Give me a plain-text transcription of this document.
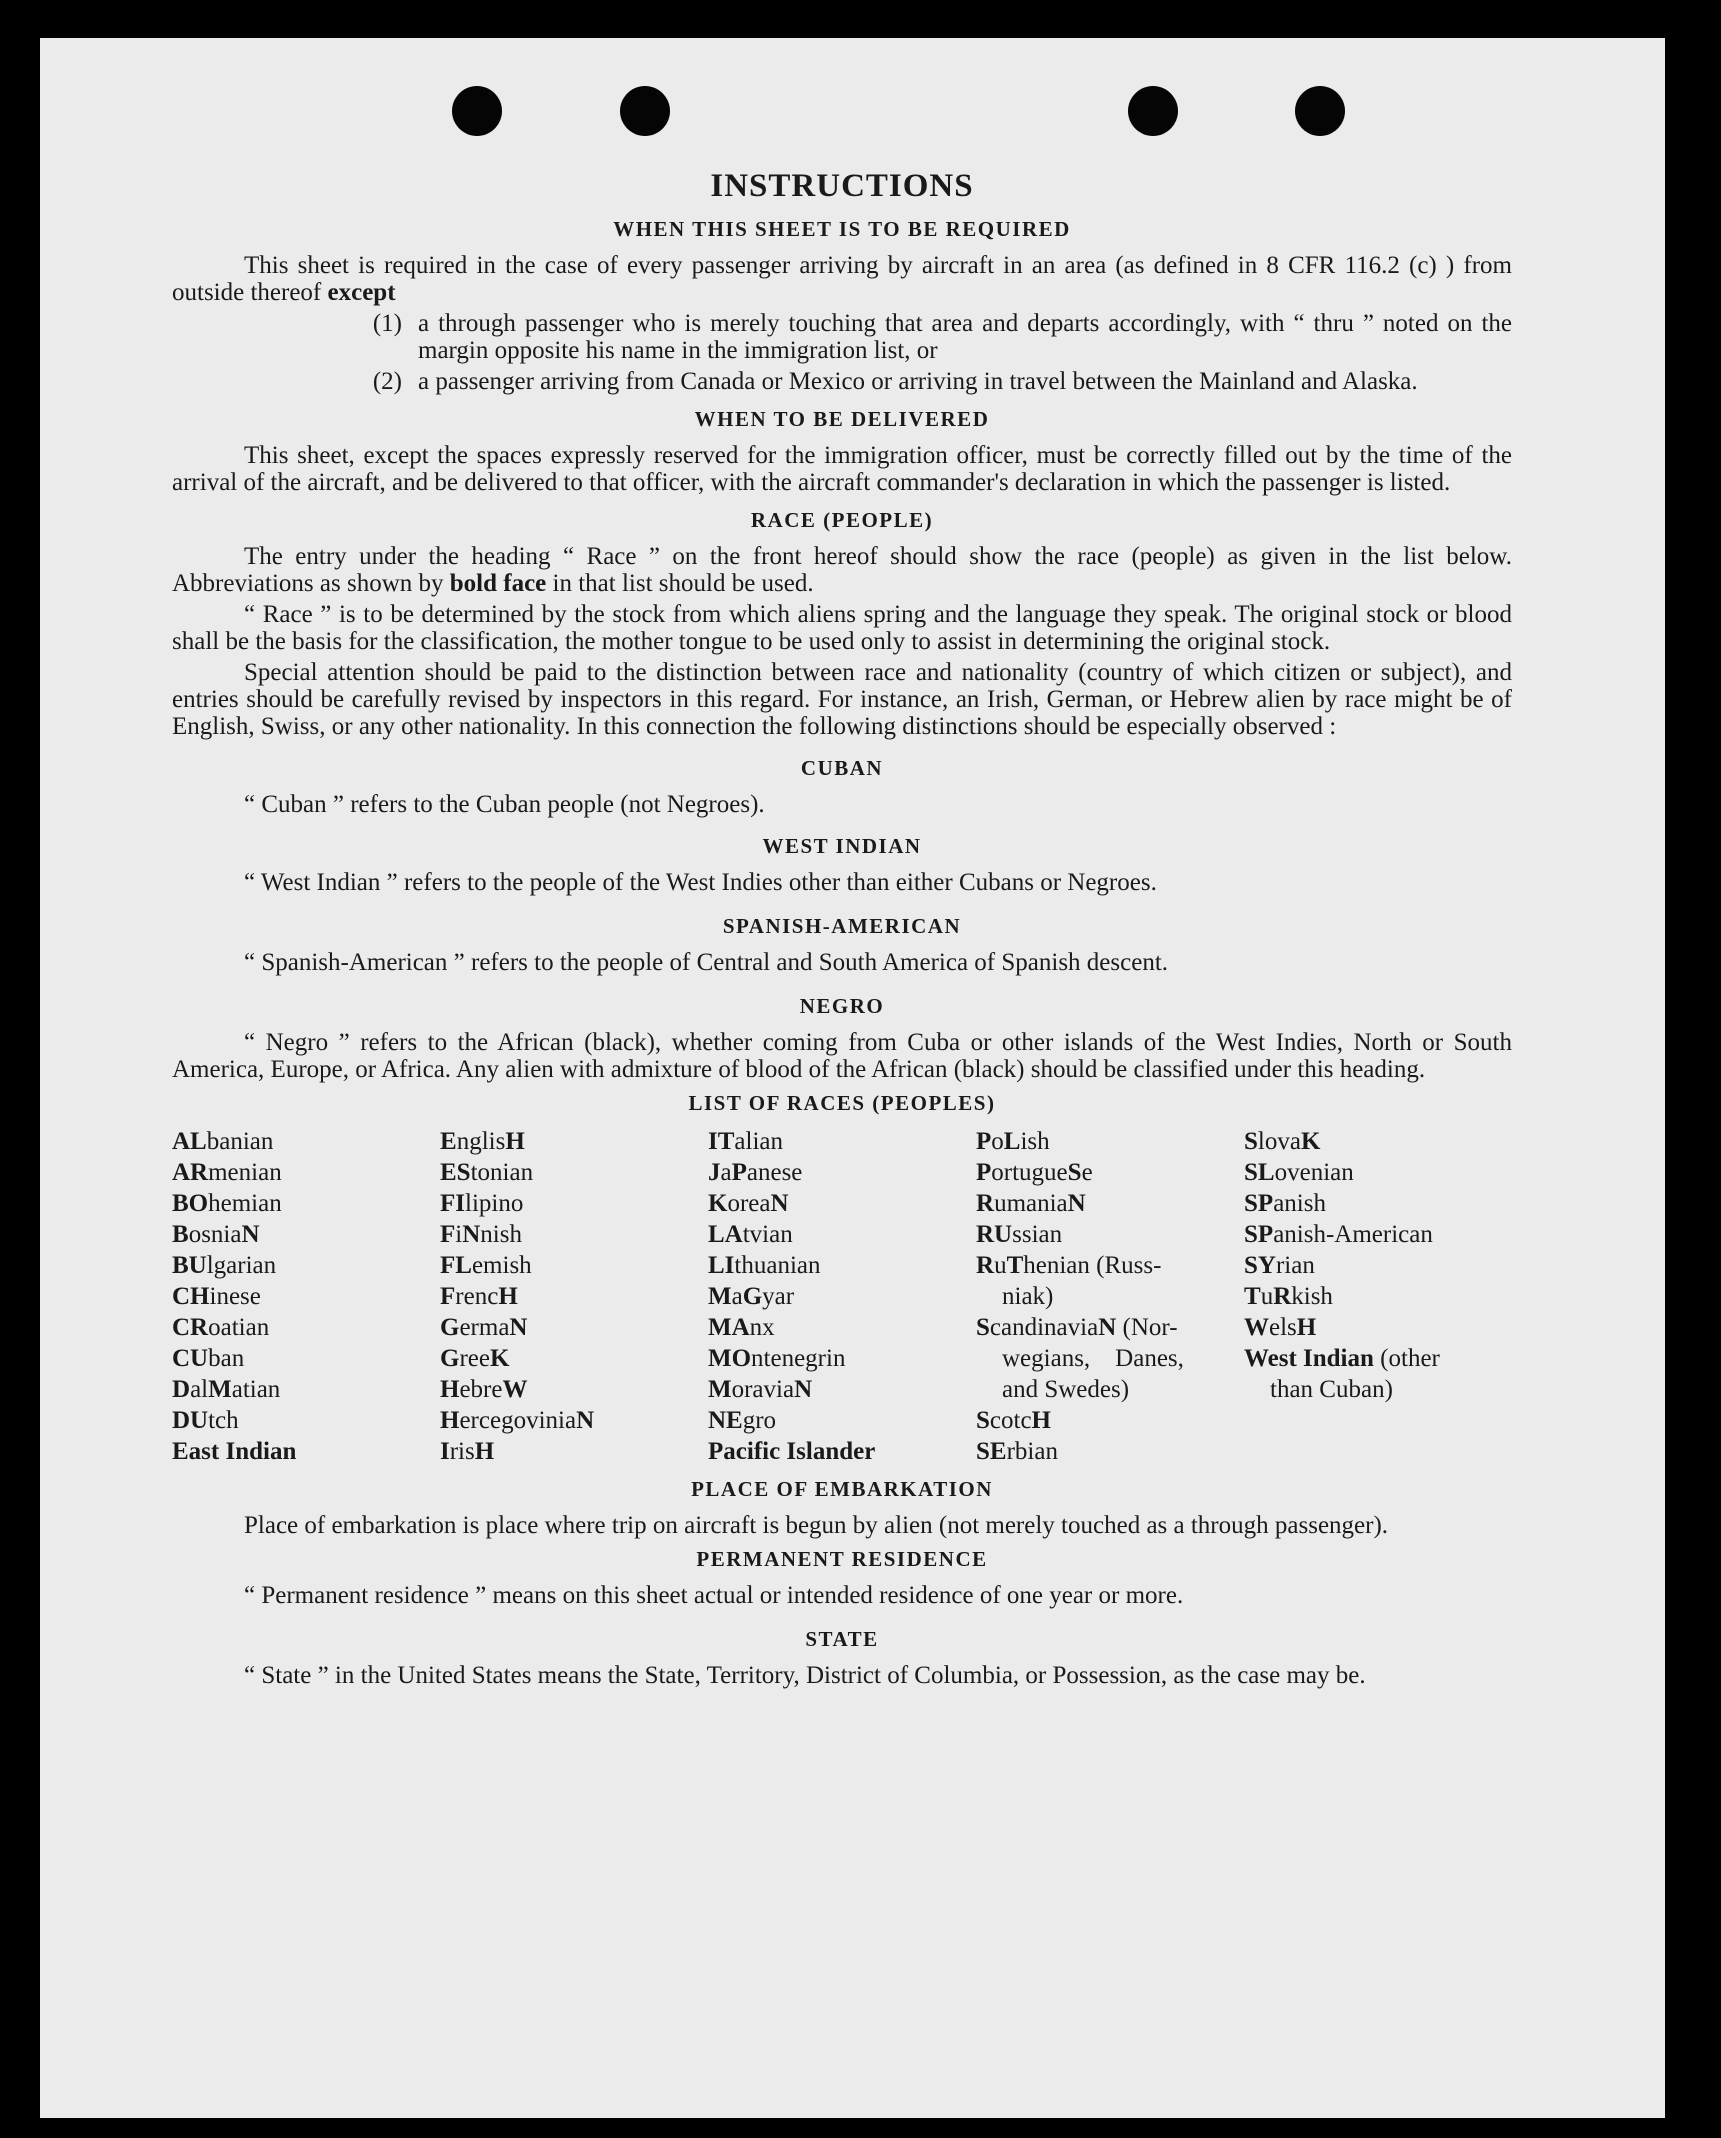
INSTRUCTIONS
WHEN THIS SHEET IS TO BE REQUIRED

This sheet is required in the case of every passenger arriving by aircraft in an area (as defined in 8 CFR 116.2 (c) ) from outside thereof except

(1) a through passenger who is merely touching that area and departs accordingly, with “ thru ” noted on the margin opposite his name in the immigration list, or
(2) a passenger arriving from Canada or Mexico or arriving in travel between the Mainland and Alaska.
WHEN TO BE DELIVERED

This sheet, except the spaces expressly reserved for the immigration officer, must be correctly filled out by the time of the arrival of the aircraft, and be delivered to that officer, with the aircraft commander's declaration in which the passenger is listed.

RACE (PEOPLE)

The entry under the heading “ Race ” on the front hereof should show the race (people) as given in the list below. Abbreviations as shown by bold face in that list should be used.

“ Race ” is to be determined by the stock from which aliens spring and the language they speak. The original stock or blood shall be the basis for the classification, the mother tongue to be used only to assist in determining the original stock.

Special attention should be paid to the distinction between race and nationality (country of which citizen or subject), and entries should be carefully revised by inspectors in this regard. For instance, an Irish, German, or Hebrew alien by race might be of English, Swiss, or any other nationality. In this connection the following distinctions should be especially observed :

CUBAN

“ Cuban ” refers to the Cuban people (not Negroes).

WEST INDIAN

“ West Indian ” refers to the people of the West Indies other than either Cubans or Negroes.

SPANISH-AMERICAN

“ Spanish-American ” refers to the people of Central and South America of Spanish descent.

NEGRO

“ Negro ” refers to the African (black), whether coming from Cuba or other islands of the West Indies, North or South America, Europe, or Africa. Any alien with admixture of blood of the African (black) should be classified under this heading.

LIST OF RACES (PEOPLES)
ALbanian
ARmenian
BOhemian
BosniaN
BUlgarian
CHinese
CRoatian
CUban
DalMatian
DUtch
East Indian
EnglisH
EStonian
FIlipino
FiNnish
FLemish
FrencH
GermaN
GreeK
HebreW
HercegoviniaN
IrisH
ITalian
JaPanese
KoreaN
LAtvian
LIthuanian
MaGyar
MAnx
MOntenegrin
MoraviaN
NEgro
Pacific Islander
PoLish
PortugueSe
RumaniaN
RUssian
RuThenian (Russ-
niak)
ScandinaviaN (Nor-
wegians,    Danes,
and Swedes)
ScotcH
SErbian
SlovaK
SLovenian
SPanish
SPanish-American
SYrian
TuRkish
WelsH
West Indian (other
than Cuban)
PLACE OF EMBARKATION

Place of embarkation is place where trip on aircraft is begun by alien (not merely touched as a through passenger).

PERMANENT RESIDENCE

“ Permanent residence ” means on this sheet actual or intended residence of one year or more.

STATE

“ State ” in the United States means the State, Territory, District of Columbia, or Possession, as the case may be.
